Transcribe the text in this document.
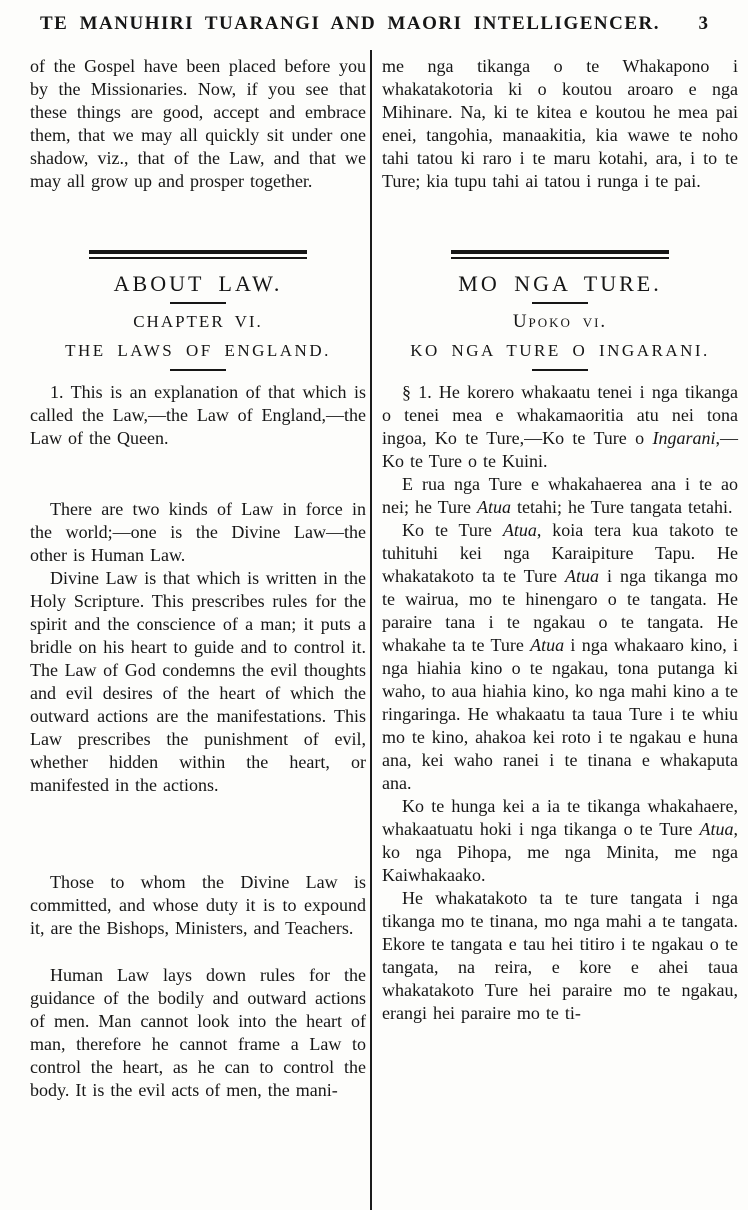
TE MANUHIRI TUARANGI AND MAORI INTELLIGENCER.	3

of the Gospel have been placed before you by the Missionaries. Now, if you see that these things are good, accept and embrace them, that we may all quickly sit under one shadow, viz., that of the Law, and that we may all grow up and prosper together.

ABOUT LAW.
CHAPTER VI.
THE LAWS OF ENGLAND.

1. This is an explanation of that which is called the Law,—the Law of England,—the Law of the Queen.

There are two kinds of Law in force in the world;—one is the Divine Law—the other is Human Law.

Divine Law is that which is written in the Holy Scripture. This prescribes rules for the spirit and the conscience of a man; it puts a bridle on his heart to guide and to control it. The Law of God condemns the evil thoughts and evil desires of the heart of which the outward actions are the manifestations. This Law prescribes the punishment of evil, whether hidden within the heart, or manifested in the actions.

Those to whom the Divine Law is committed, and whose duty it is to expound it, are the Bishops, Ministers, and Teachers.

Human Law lays down rules for the guidance of the bodily and outward actions of men. Man cannot look into the heart of man, therefore he cannot frame a Law to control the heart, as he can to control the body. It is the evil acts of men, the mani-

me nga tikanga o te Whakapono i whakatakotoria ki o koutou aroaro e nga Mihinare. Na, ki te kitea e koutou he mea pai enei, tangohia, manaakitia, kia wawe te noho tahi tatou ki raro i te maru kotahi, ara, i to te Ture; kia tupu tahi ai tatou i runga i te pai.

MO NGA TURE.
Upoko vi.
KO NGA TURE O INGARANI.

§ 1. He korero whakaatu tenei i nga tikanga o tenei mea e whakamaoritia atu nei tona ingoa, Ko te Ture,—Ko te Ture o Ingarani,—Ko te Ture o te Kuini.

E rua nga Ture e whakahaerea ana i te ao nei; he Ture Atua tetahi; he Ture tangata tetahi.

Ko te Ture Atua, koia tera kua takoto te tuhituhi kei nga Karaipiture Tapu. He whakatakoto ta te Ture Atua i nga tikanga mo te wairua, mo te hinengaro o te tangata. He paraire tana i te ngakau o te tangata. He whakahe ta te Ture Atua i nga whakaaro kino, i nga hiahia kino o te ngakau, tona putanga ki waho, to aua hiahia kino, ko nga mahi kino a te ringaringa. He whakaatu ta taua Ture i te whiu mo te kino, ahakoa kei roto i te ngakau e huna ana, kei waho ranei i te tinana e whakaputa ana.

Ko te hunga kei a ia te tikanga whakahaere, whakaatuatu hoki i nga tikanga o te Ture Atua, ko nga Pihopa, me nga Minita, me nga Kaiwhakaako.

He whakatakoto ta te ture tangata i nga tikanga mo te tinana, mo nga mahi a te tangata. Ekore te tangata e tau hei titiro i te ngakau o te tangata, na reira, e kore e ahei taua whakatakoto Ture hei paraire mo te ngakau, erangi hei paraire mo te ti-
